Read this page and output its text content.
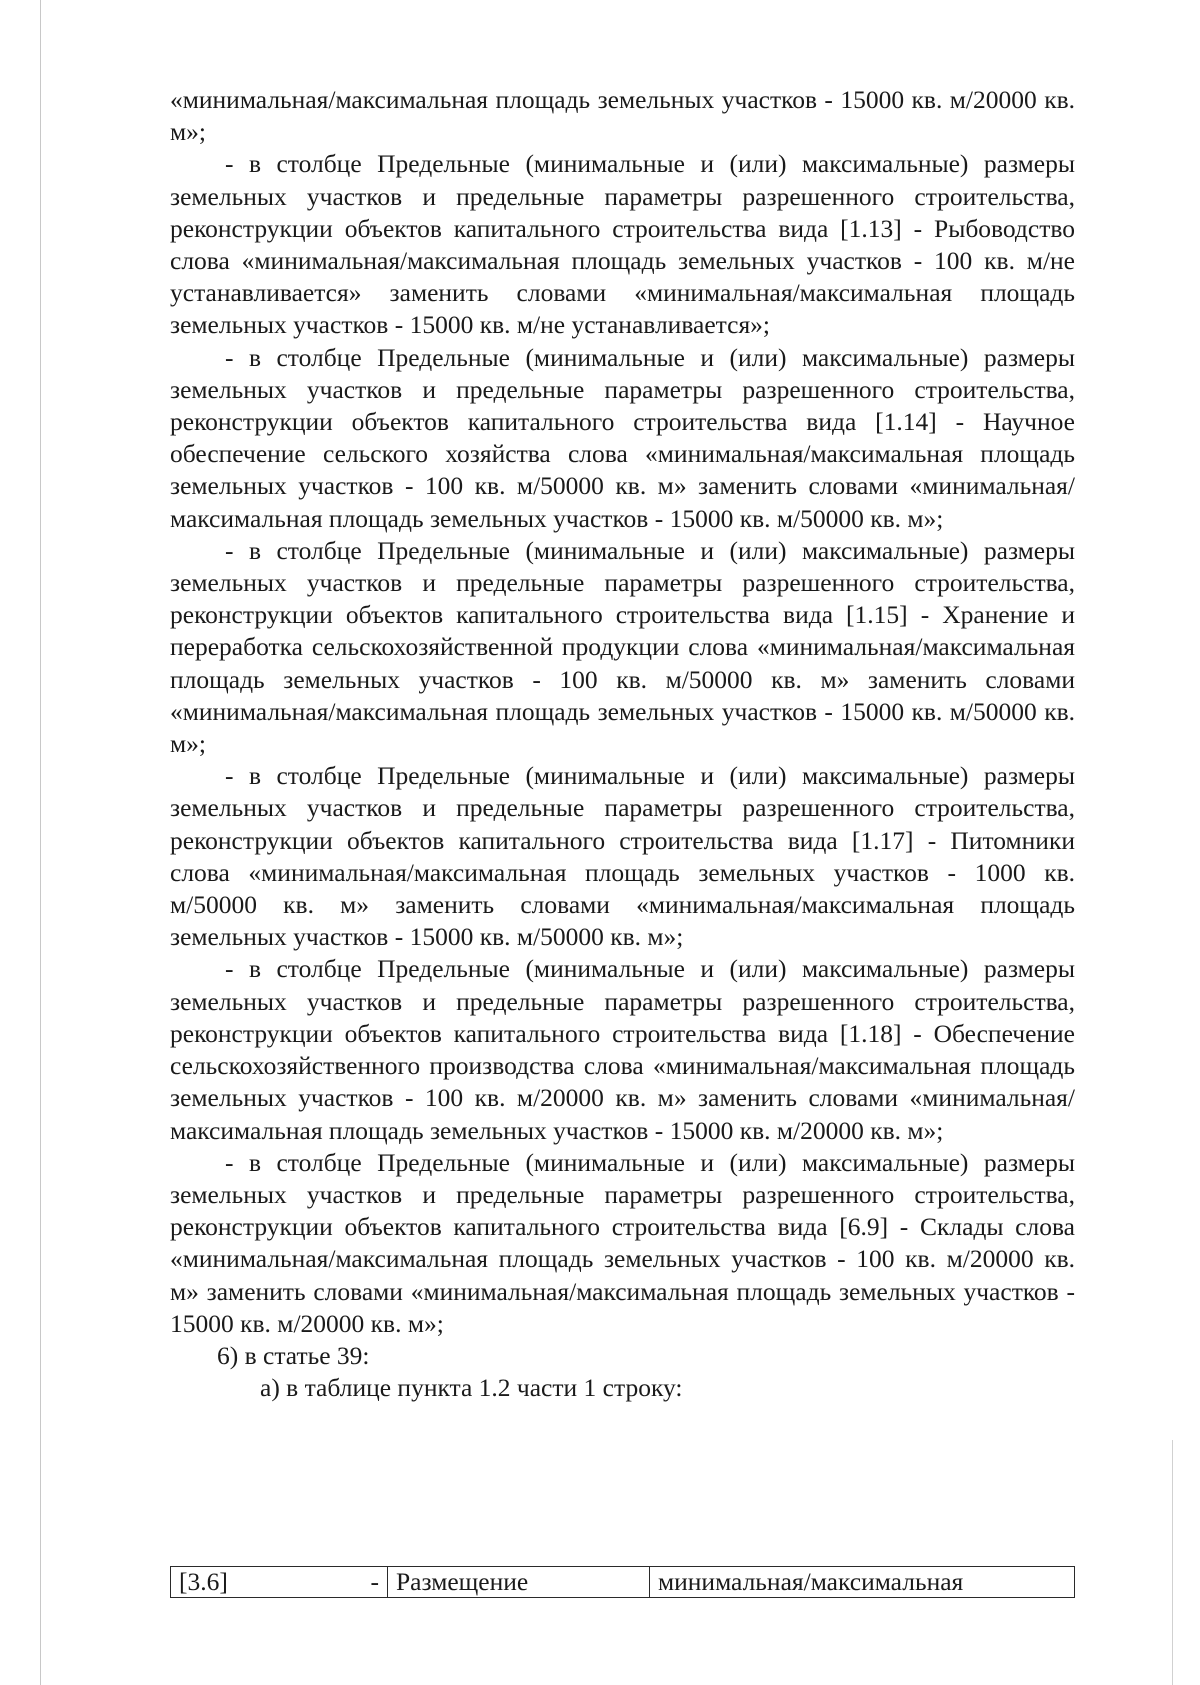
«минимальная/максимальная площадь земельных участков - 15000 кв. м/20000 кв. м»;

- в столбце Предельные (минимальные и (или) максимальные) размеры земельных участков и предельные параметры разрешенного строительства, реконструкции объектов капитального строительства вида [1.13] - Рыбоводство слова «минимальная/максимальная площадь земельных участков - 100 кв. м/не устанавливается» заменить словами «минимальная/максимальная площадь земельных участков - 15000 кв. м/не устанавливается»;

- в столбце Предельные (минимальные и (или) максимальные) размеры земельных участков и предельные параметры разрешенного строительства, реконструкции объектов капитального строительства вида [1.14] - Научное обеспечение сельского хозяйства слова «минимальная/максимальная площадь земельных участков - 100 кв. м/50000 кв. м» заменить словами «минимальная/максимальная площадь земельных участков - 15000 кв. м/50000 кв. м»;

- в столбце Предельные (минимальные и (или) максимальные) размеры земельных участков и предельные параметры разрешенного строительства, реконструкции объектов капитального строительства вида [1.15] - Хранение и переработка сельскохозяйственной продукции слова «минимальная/максимальная площадь земельных участков - 100 кв. м/50000 кв. м» заменить словами «минимальная/максимальная площадь земельных участков - 15000 кв. м/50000 кв. м»;

- в столбце Предельные (минимальные и (или) максимальные) размеры земельных участков и предельные параметры разрешенного строительства, реконструкции объектов капитального строительства вида [1.17] - Питомники слова «минимальная/максимальная площадь земельных участков - 1000 кв. м/50000 кв. м» заменить словами «минимальная/максимальная площадь земельных участков - 15000 кв. м/50000 кв. м»;

- в столбце Предельные (минимальные и (или) максимальные) размеры земельных участков и предельные параметры разрешенного строительства, реконструкции объектов капитального строительства вида [1.18] - Обеспечение сельскохозяйственного производства слова «минимальная/максимальная площадь земельных участков - 100 кв. м/20000 кв. м» заменить словами «минимальная/максимальная площадь земельных участков - 15000 кв. м/20000 кв. м»;

- в столбце Предельные (минимальные и (или) максимальные) размеры земельных участков и предельные параметры разрешенного строительства, реконструкции объектов капитального строительства вида [6.9] - Склады слова «минимальная/максимальная площадь земельных участков - 100 кв. м/20000 кв. м» заменить словами «минимальная/максимальная площадь земельных участков - 15000 кв. м/20000 кв. м»;

6) в статье 39:

а) в таблице пункта 1.2 части 1 строку:

[3.6]	-	Размещение	минимальная/максимальная
